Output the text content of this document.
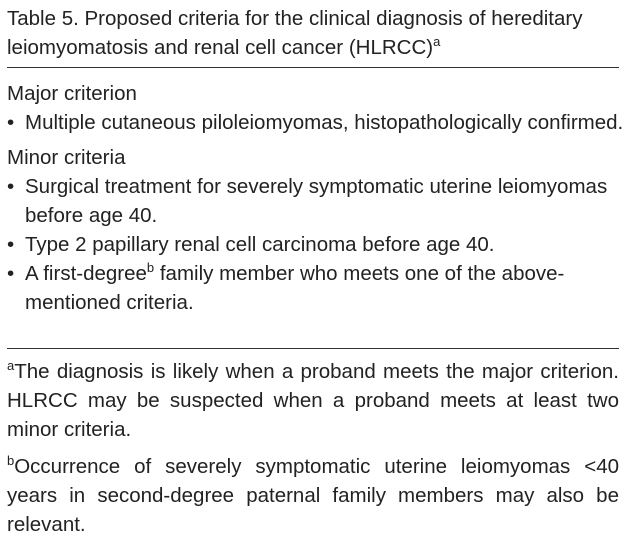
Table 5. Proposed criteria for the clinical diagnosis of hereditary leiomyomatosis and renal cell cancer (HLRCC)$^a$

Major criterion

• Multiple cutaneous piloleiomyomas, histopathologically confirmed.

Minor criteria

• Surgical treatment for severely symptomatic uterine leiomyomas before age 40.
• Type 2 papillary renal cell carcinoma before age 40.
• A first-degree$^b$ family member who meets one of the above-mentioned criteria.

$^a$The diagnosis is likely when a proband meets the major criterion. HLRCC may be suspected when a proband meets at least two minor criteria.

$^b$Occurrence of severely symptomatic uterine leiomyomas <40 years in second-degree paternal family members may also be relevant.
